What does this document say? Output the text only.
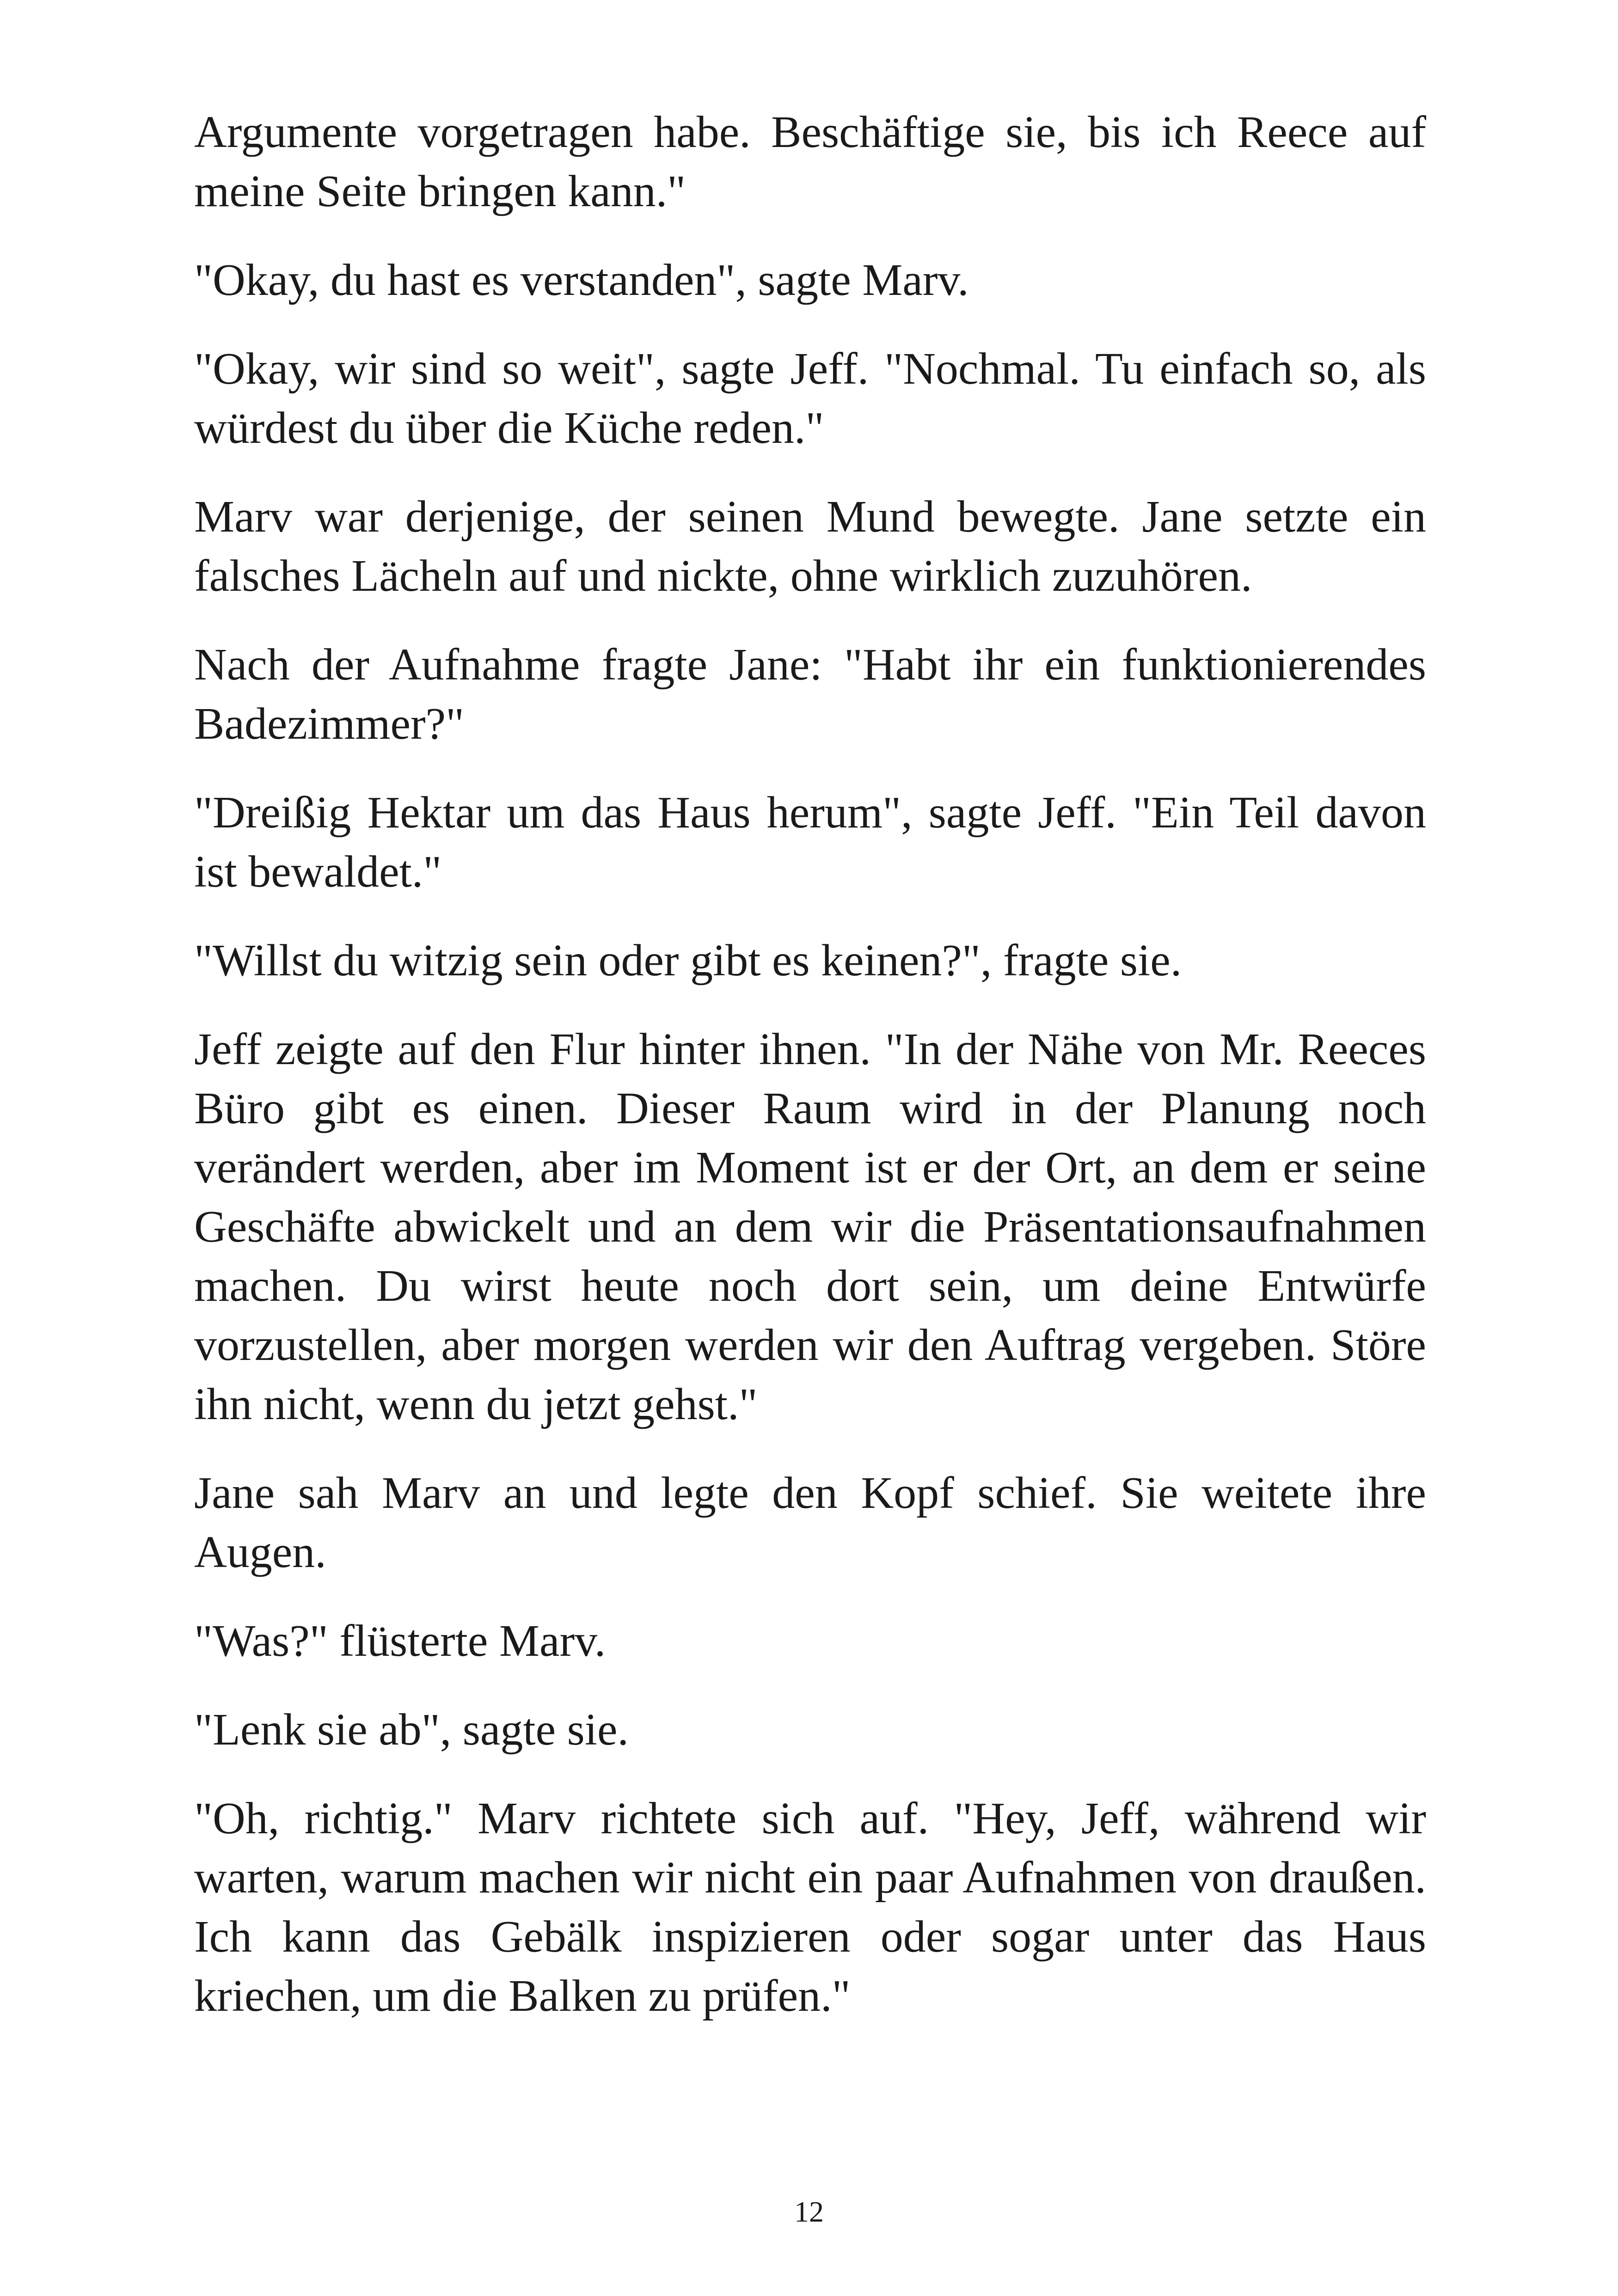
Argumente vorgetragen habe. Beschäftige sie, bis ich Reece auf meine Seite bringen kann."

"Okay, du hast es verstanden", sagte Marv.

"Okay, wir sind so weit", sagte Jeff. "Nochmal. Tu einfach so, als würdest du über die Küche reden."

Marv war derjenige, der seinen Mund bewegte. Jane setzte ein falsches Lächeln auf und nickte, ohne wirklich zuzuhören.

Nach der Aufnahme fragte Jane: "Habt ihr ein funktionierendes Badezimmer?"

"Dreißig Hektar um das Haus herum", sagte Jeff. "Ein Teil davon ist bewaldet."

"Willst du witzig sein oder gibt es keinen?", fragte sie.

Jeff zeigte auf den Flur hinter ihnen. "In der Nähe von Mr. Reeces Büro gibt es einen. Dieser Raum wird in der Planung noch verändert werden, aber im Moment ist er der Ort, an dem er seine Geschäfte abwickelt und an dem wir die Präsentationsaufnahmen machen. Du wirst heute noch dort sein, um deine Entwürfe vorzustellen, aber morgen werden wir den Auftrag vergeben. Störe ihn nicht, wenn du jetzt gehst."

Jane sah Marv an und legte den Kopf schief. Sie weitete ihre Augen.

"Was?" flüsterte Marv.

"Lenk sie ab", sagte sie.

"Oh, richtig." Marv richtete sich auf. "Hey, Jeff, während wir warten, warum machen wir nicht ein paar Aufnahmen von draußen. Ich kann das Gebälk inspizieren oder sogar unter das Haus kriechen, um die Balken zu prüfen."

12
